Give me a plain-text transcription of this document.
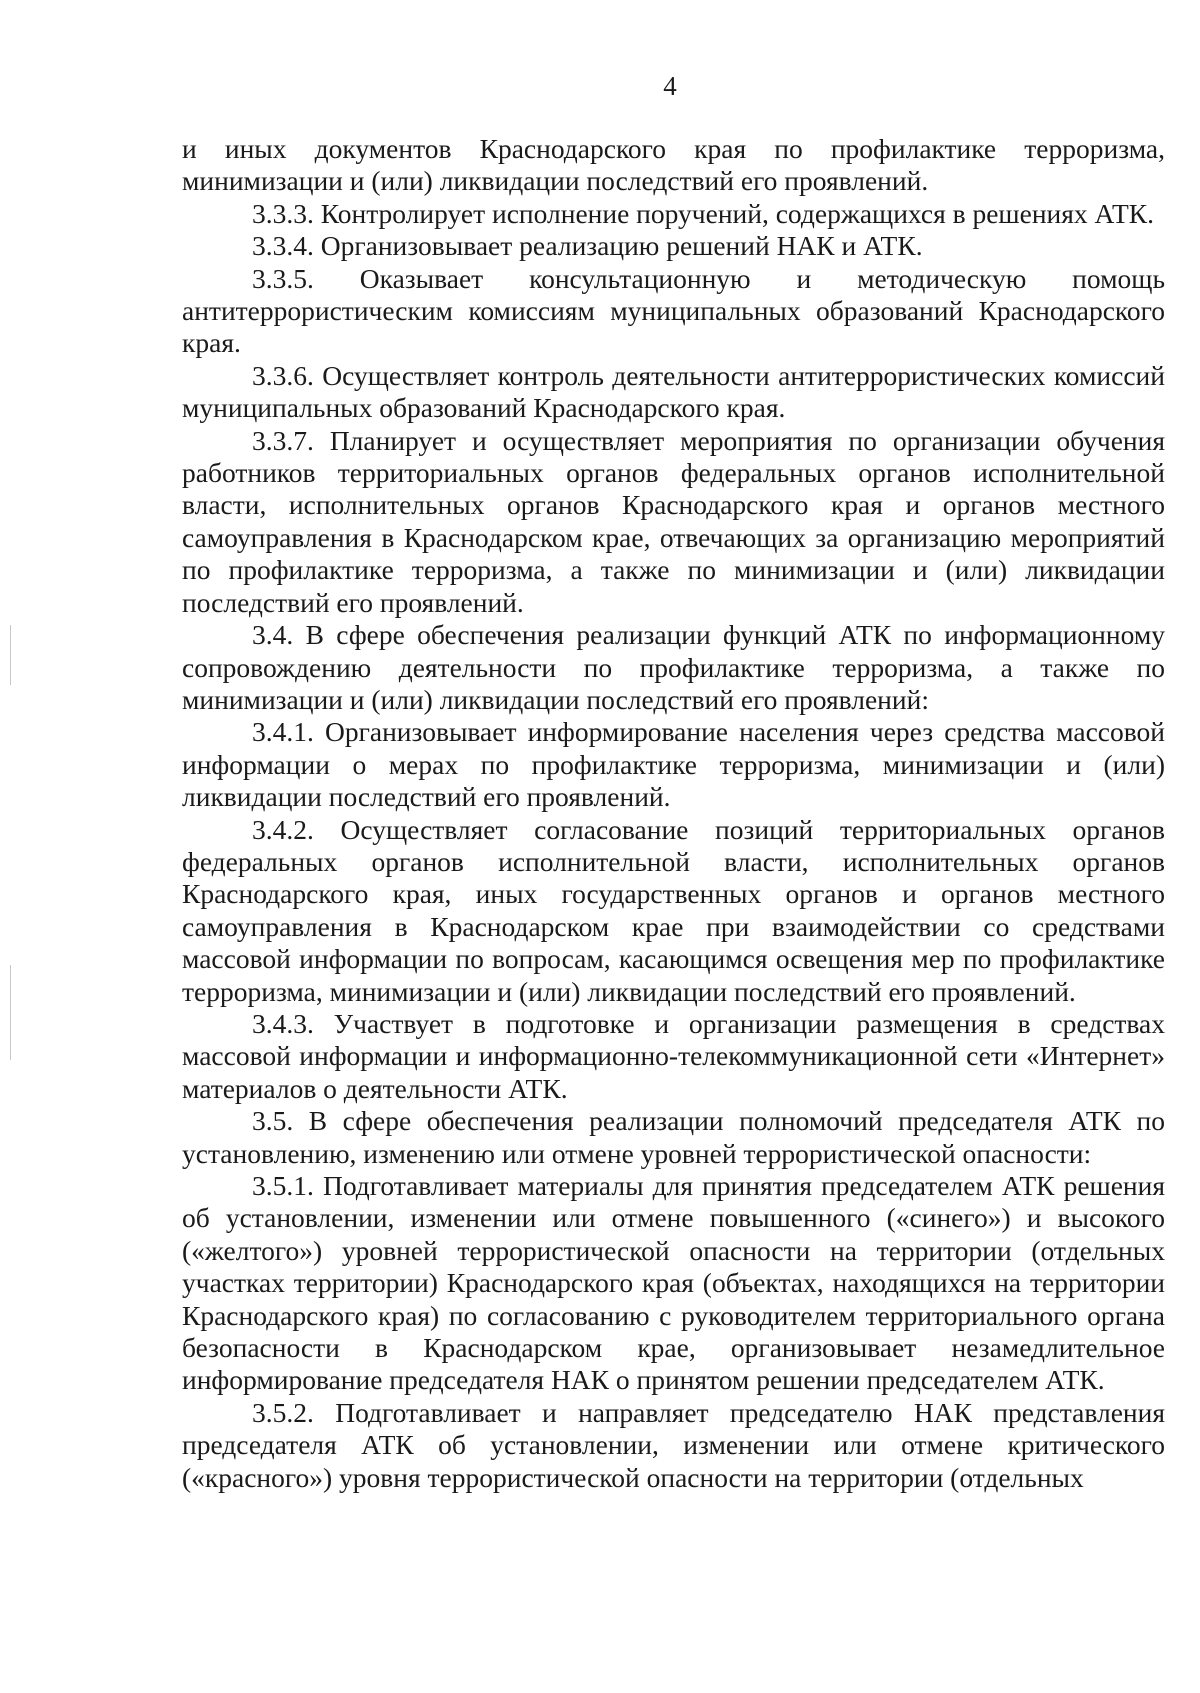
4

и иных документов Краснодарского края по профилактике терроризма, минимизации и (или) ликвидации последствий его проявлений.

3.3.3. Контролирует исполнение поручений, содержащихся в решениях АТК.

3.3.4. Организовывает реализацию решений НАК и АТК.

3.3.5. Оказывает консультационную и методическую помощь антитеррористическим комиссиям муниципальных образований Краснодарского края.

3.3.6. Осуществляет контроль деятельности антитеррористических комиссий муниципальных образований Краснодарского края.

3.3.7. Планирует и осуществляет мероприятия по организации обучения работников территориальных органов федеральных органов исполнительной власти, исполнительных органов Краснодарского края и органов местного самоуправления в Краснодарском крае, отвечающих за организацию мероприятий по профилактике терроризма, а также по минимизации и (или) ликвидации последствий его проявлений.

3.4. В сфере обеспечения реализации функций АТК по информационному сопровождению деятельности по профилактике терроризма, а также по минимизации и (или) ликвидации последствий его проявлений:

3.4.1. Организовывает информирование населения через средства массовой информации о мерах по профилактике терроризма, минимизации и (или) ликвидации последствий его проявлений.

3.4.2. Осуществляет согласование позиций территориальных органов федеральных органов исполнительной власти, исполнительных органов Краснодарского края, иных государственных органов и органов местного самоуправления в Краснодарском крае при взаимодействии со средствами массовой информации по вопросам, касающимся освещения мер по профилактике терроризма, минимизации и (или) ликвидации последствий его проявлений.

3.4.3. Участвует в подготовке и организации размещения в средствах массовой информации и информационно-телекоммуникационной сети «Интернет» материалов о деятельности АТК.

3.5. В сфере обеспечения реализации полномочий председателя АТК по установлению, изменению или отмене уровней террористической опасности:

3.5.1. Подготавливает материалы для принятия председателем АТК решения об установлении, изменении или отмене повышенного («синего») и высокого («желтого») уровней террористической опасности на территории (отдельных участках территории) Краснодарского края (объектах, находящихся на территории Краснодарского края) по согласованию с руководителем территориального органа безопасности в Краснодарском крае, организовывает незамедлительное информирование председателя НАК о принятом решении председателем АТК.

3.5.2. Подготавливает и направляет председателю НАК представления председателя АТК об установлении, изменении или отмене критического («красного») уровня террористической опасности на территории (отдельных
